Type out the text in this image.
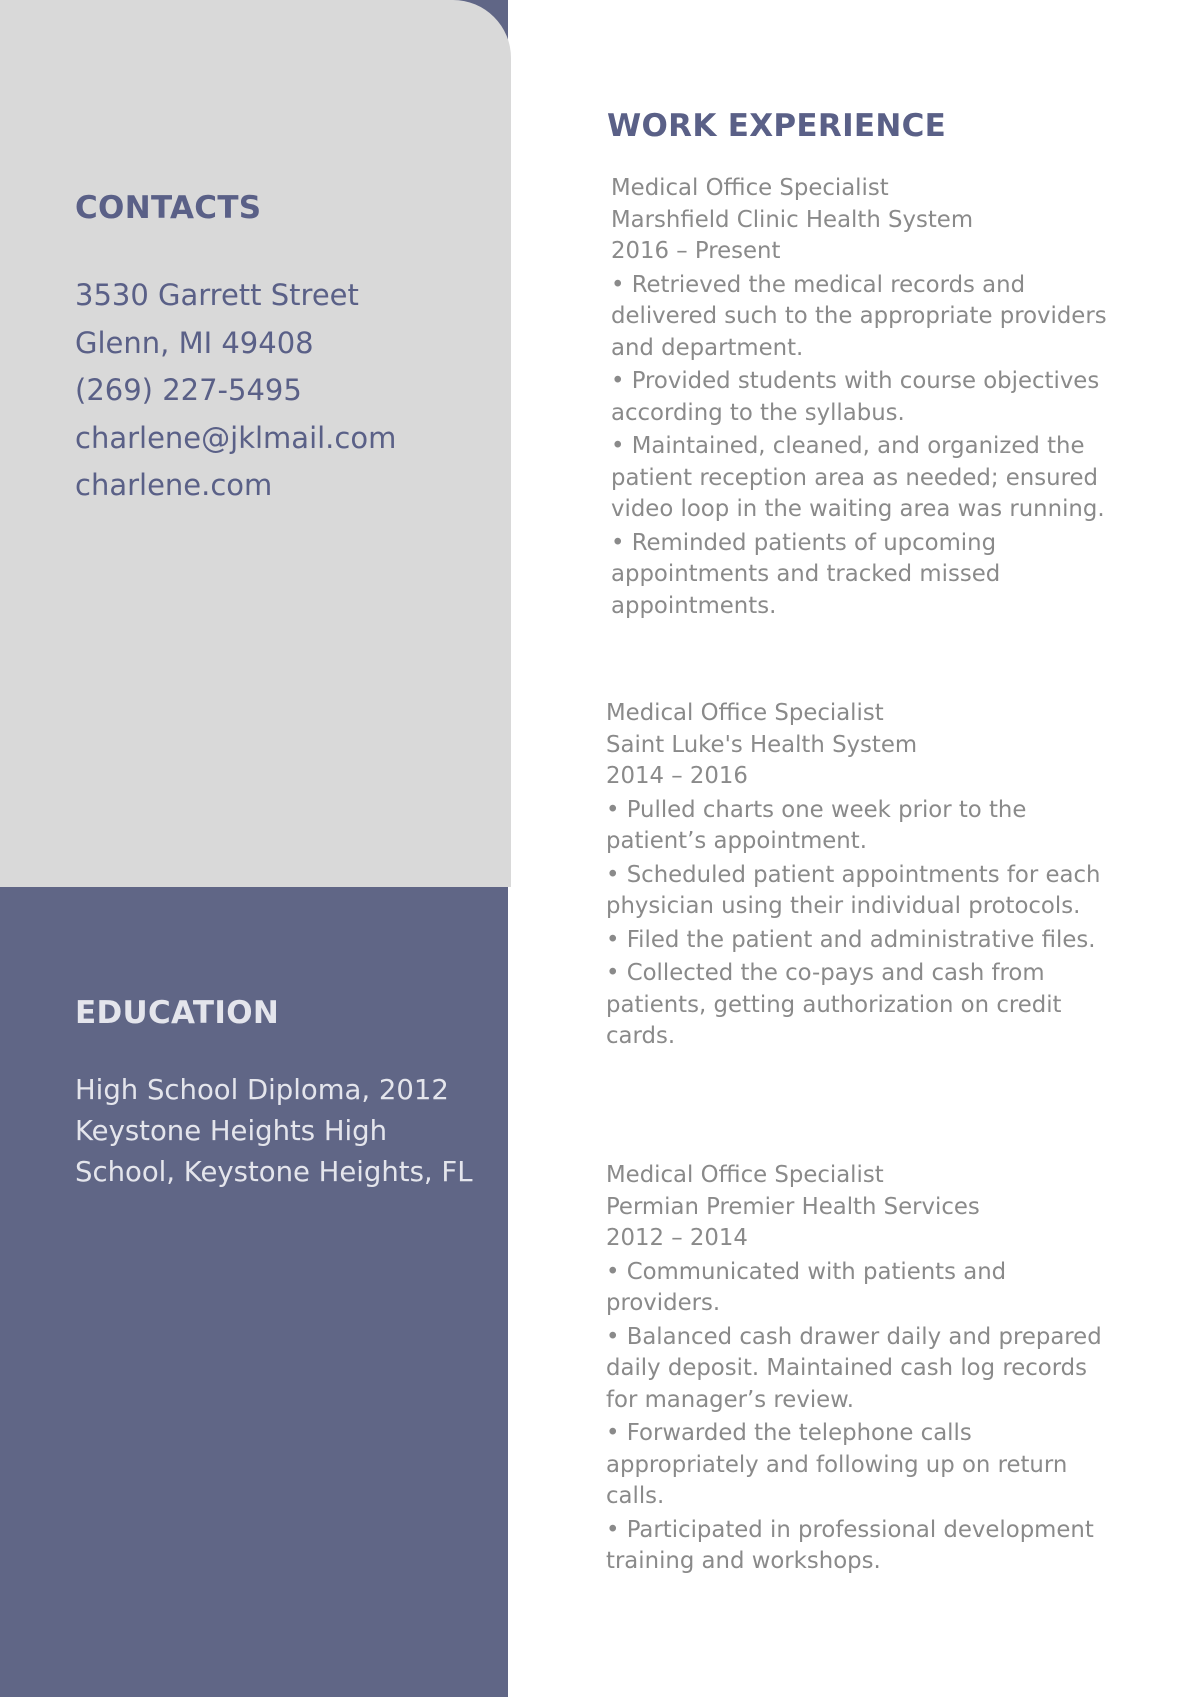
CONTACTS
3530 Garrett Street
Glenn, MI 49408
(269) 227-5495
charlene@jklmail.com
charlene.com
EDUCATION
High School Diploma, 2012 Keystone Heights High School, Keystone Heights, FL
WORK EXPERIENCE
Medical Office Specialist
Marshfield Clinic Health System
2016 – Present
• Retrieved the medical records and delivered such to the appropriate providers and department.
• Provided students with course objectives according to the syllabus.
• Maintained, cleaned, and organized the patient reception area as needed; ensured video loop in the waiting area was running.
• Reminded patients of upcoming appointments and tracked missed appointments.
Medical Office Specialist
Saint Luke's Health System
2014 – 2016
• Pulled charts one week prior to the patient’s appointment.
• Scheduled patient appointments for each physician using their individual protocols.
• Filed the patient and administrative files.
• Collected the co-pays and cash from patients, getting authorization on credit cards.
Medical Office Specialist
Permian Premier Health Services
2012 – 2014
• Communicated with patients and providers.
• Balanced cash drawer daily and prepared daily deposit. Maintained cash log records for manager’s review.
• Forwarded the telephone calls appropriately and following up on return calls.
• Participated in professional development training and workshops.
